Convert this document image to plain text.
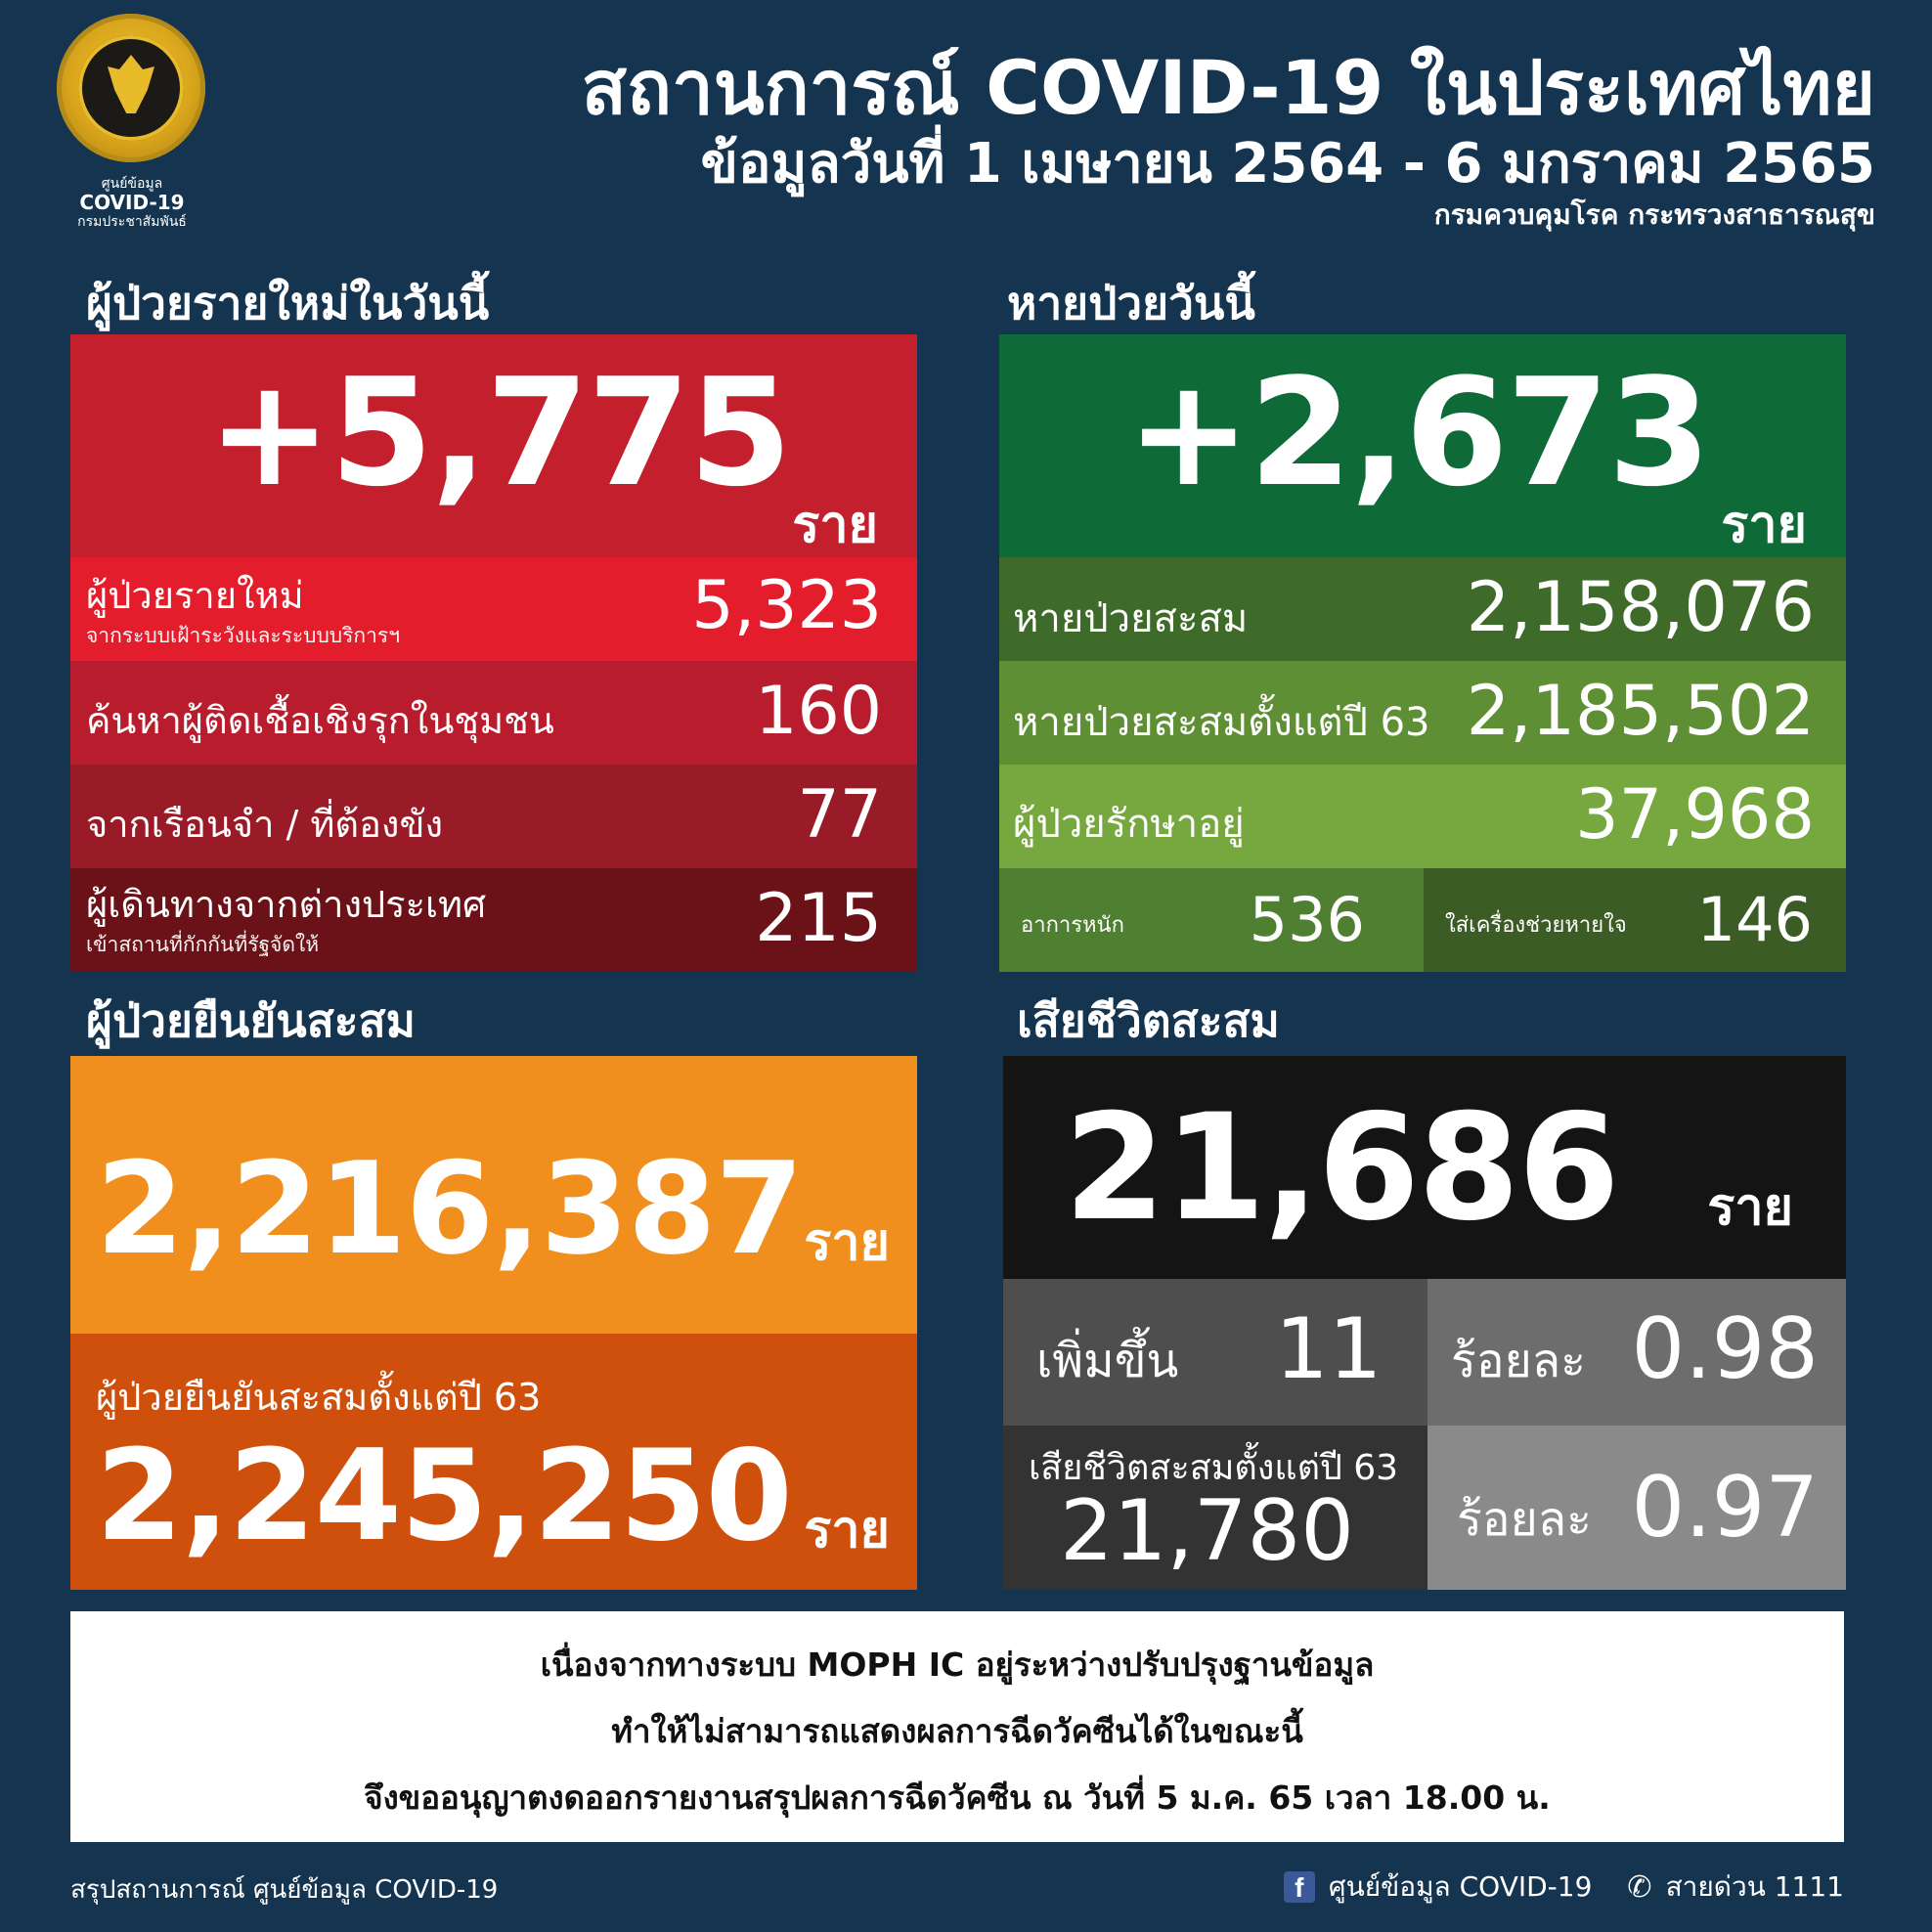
ศูนย์ข้อมูล
COVID-19
กรมประชาสัมพันธ์
สถานการณ์ COVID-19 ในประเทศไทย
ข้อมูลวันที่ 1 เมษายน 2564 - 6 มกราคม 2565
กรมควบคุมโรค กระทรวงสาธารณสุข
ผู้ป่วยรายใหม่ในวันนี้
+5,775
ราย
ผู้ป่วยรายใหม่
จากระบบเฝ้าระวังและระบบบริการฯ	5,323
ค้นหาผู้ติดเชื้อเชิงรุกในชุมชน	160
จากเรือนจำ / ที่ต้องขัง	77
ผู้เดินทางจากต่างประเทศ
เข้าสถานที่กักกันที่รัฐจัดให้	215
หายป่วยวันนี้
+2,673
ราย
หายป่วยสะสม	2,158,076
หายป่วยสะสมตั้งแต่ปี 63 2,185,502
ผู้ป่วยรักษาอยู่	37,968
อาการหนัก 536	ใส่เครื่องช่วยหายใจ 146
ผู้ป่วยยืนยันสะสม
2,216,387 ราย
ผู้ป่วยยืนยันสะสมตั้งแต่ปี 63
2,245,250 ราย
เสียชีวิตสะสม
21,686 ราย
เพิ่มขึ้น 11 ร้อยละ 0.98
เสียชีวิตสะสมตั้งแต่ปี 63
21,780 ร้อยละ 0.97
เนื่องจากทางระบบ MOPH IC อยู่ระหว่างปรับปรุงฐานข้อมูล
ทำให้ไม่สามารถแสดงผลการฉีดวัคซีนได้ในขณะนี้
จึงขออนุญาตงดออกรายงานสรุปผลการฉีดวัคซีน ณ วันที่ 5 ม.ค. 65 เวลา 18.00 น.
สรุปสถานการณ์ ศูนย์ข้อมูล COVID-19	f ศูนย์ข้อมูล COVID-19 ✆ สายด่วน 1111
